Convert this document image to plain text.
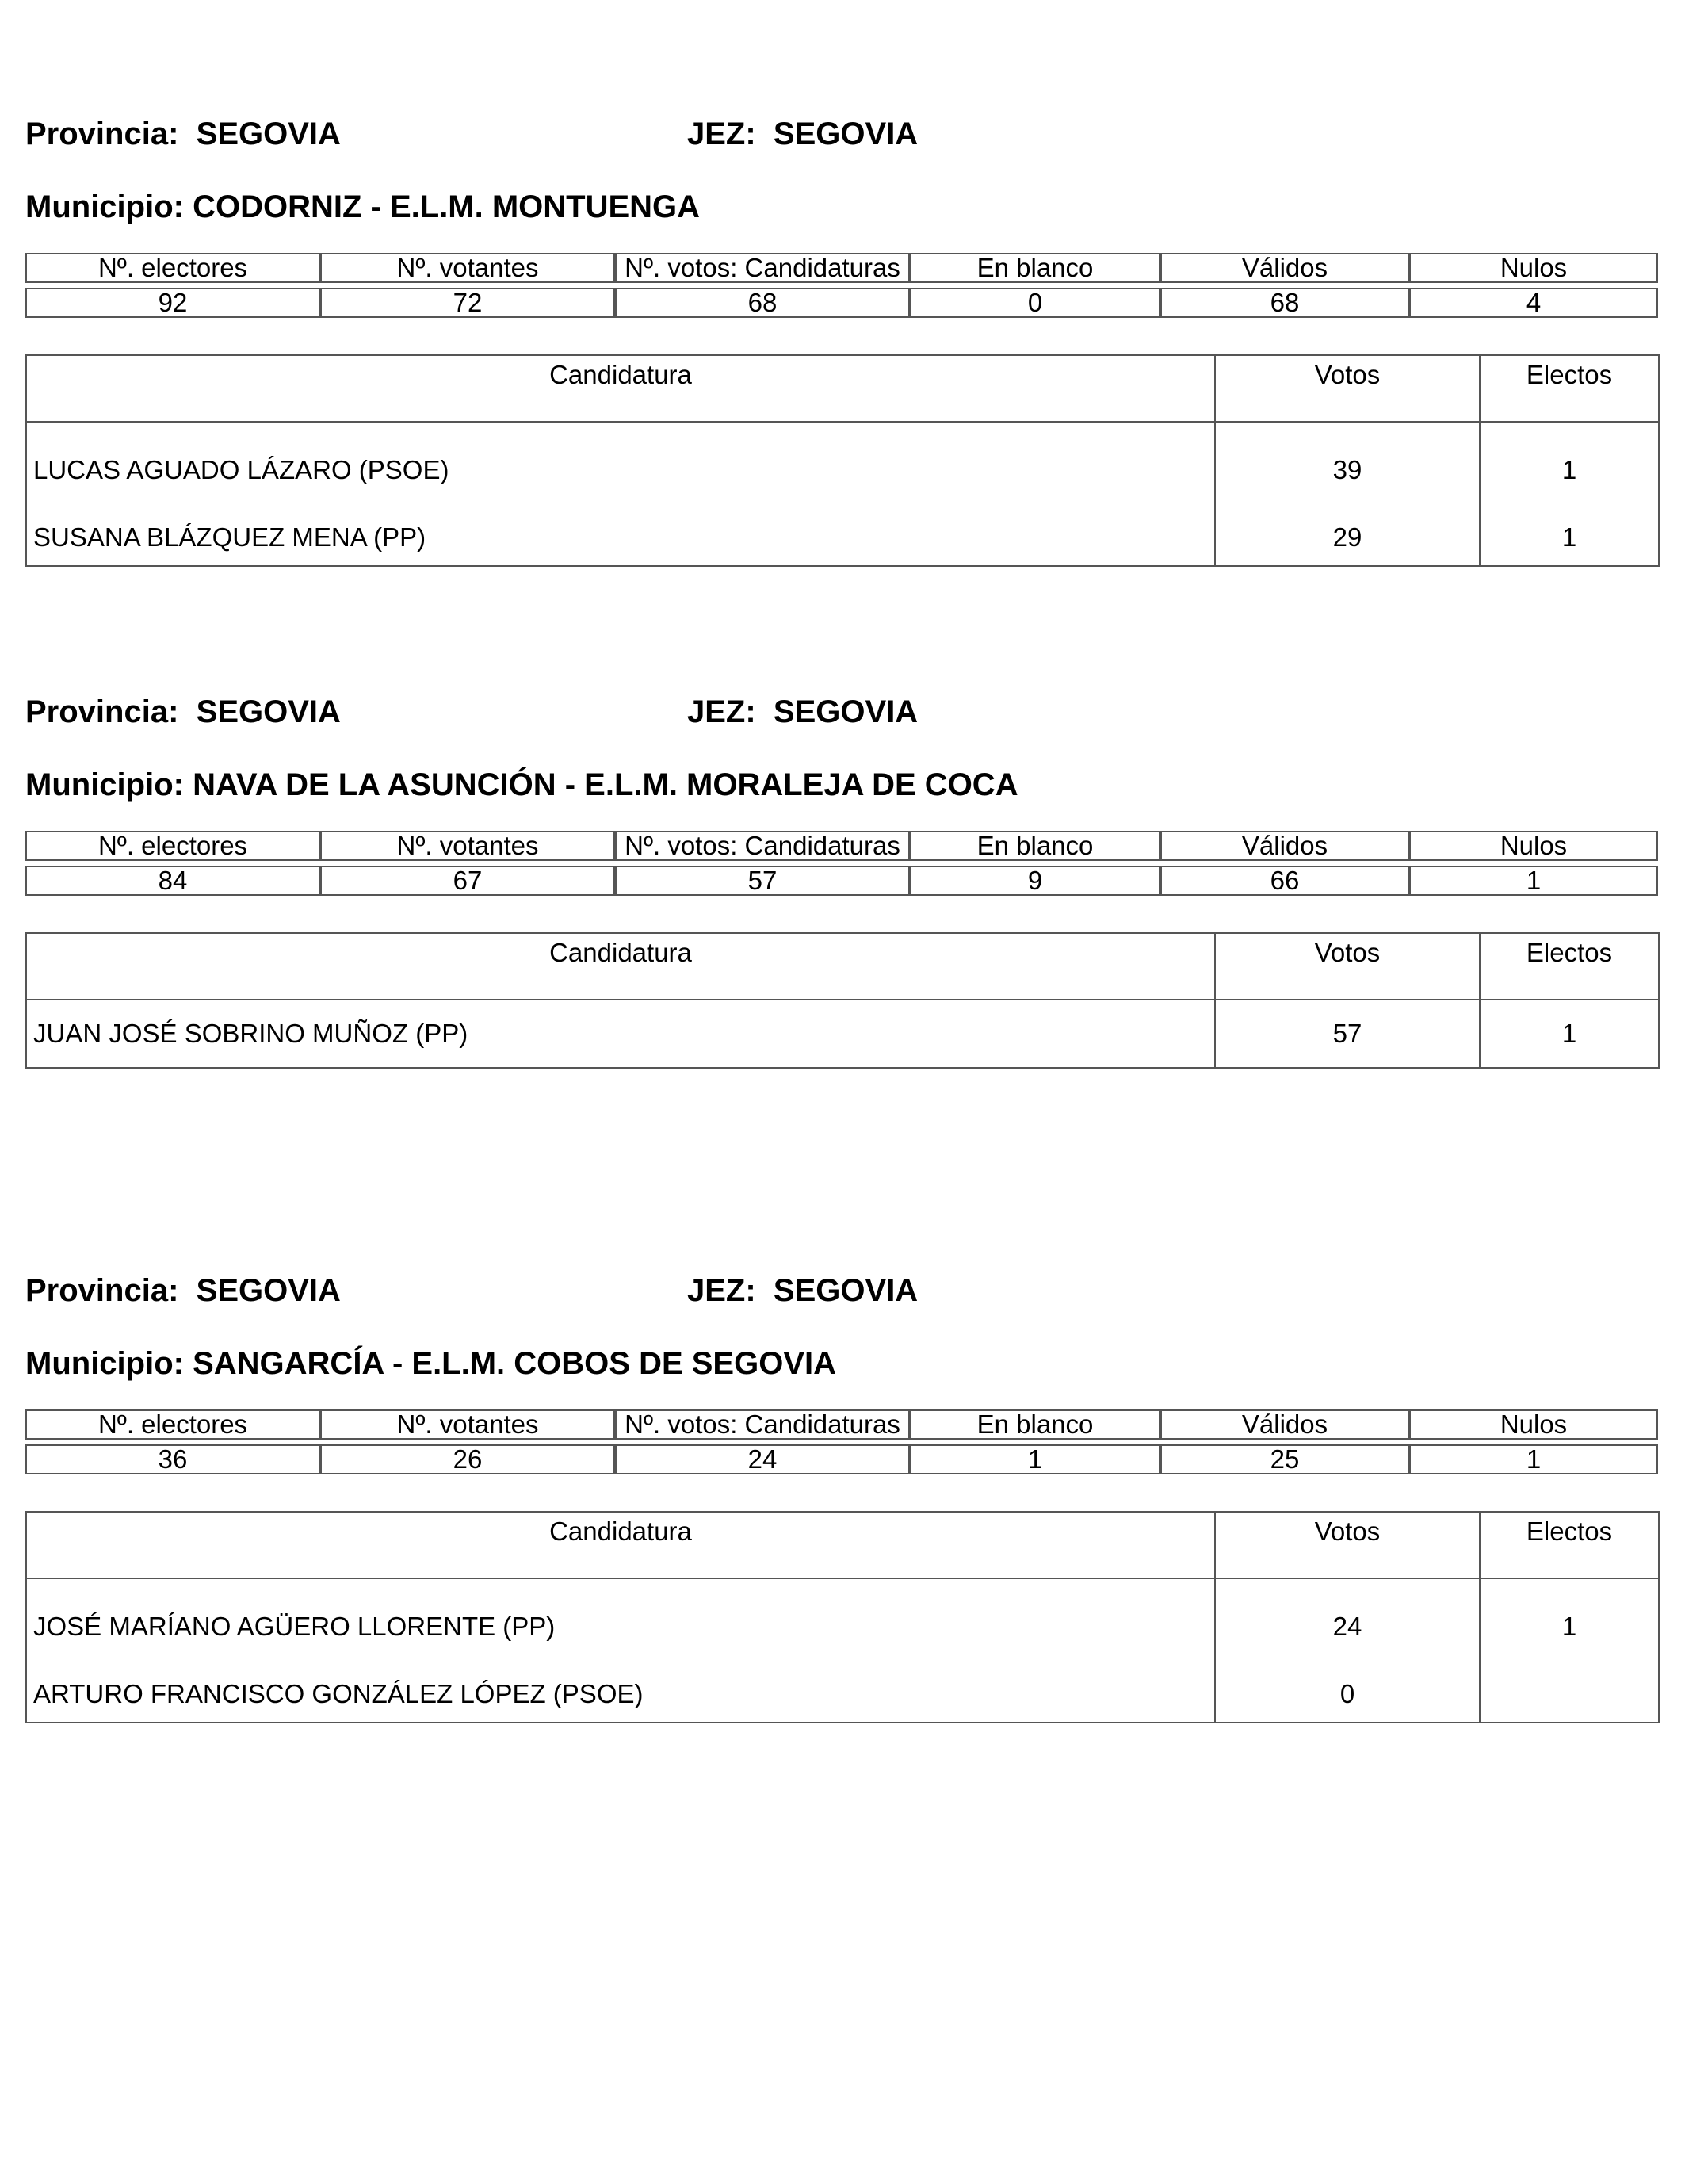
Provincia: SEGOVIA	JEZ: SEGOVIA
Municipio: CODORNIZ - E.L.M. MONTUENGA
Nº. electores	Nº. votantes	Nº. votos: Candidaturas	En blanco	Válidos	Nulos

92	72	68	0	68	4
Candidatura	Votos	Electos
LUCAS AGUADO LÁZARO (PSOE)	39	1
SUSANA BLÁZQUEZ MENA (PP)	29	1
Provincia: SEGOVIA	JEZ: SEGOVIA
Municipio: NAVA DE LA ASUNCIÓN - E.L.M. MORALEJA DE COCA
Nº. electores	Nº. votantes	Nº. votos: Candidaturas	En blanco	Válidos	Nulos

84	67	57	9	66	1
Candidatura	Votos	Electos
JUAN JOSÉ SOBRINO MUÑOZ (PP)	57	1
Provincia: SEGOVIA	JEZ: SEGOVIA
Municipio: SANGARCÍA - E.L.M. COBOS DE SEGOVIA
Nº. electores	Nº. votantes	Nº. votos: Candidaturas	En blanco	Válidos	Nulos

36	26	24	1	25	1
Candidatura	Votos	Electos
JOSÉ MARÍANO AGÜERO LLORENTE (PP)	24	1
ARTURO FRANCISCO GONZÁLEZ LÓPEZ (PSOE)	0	
